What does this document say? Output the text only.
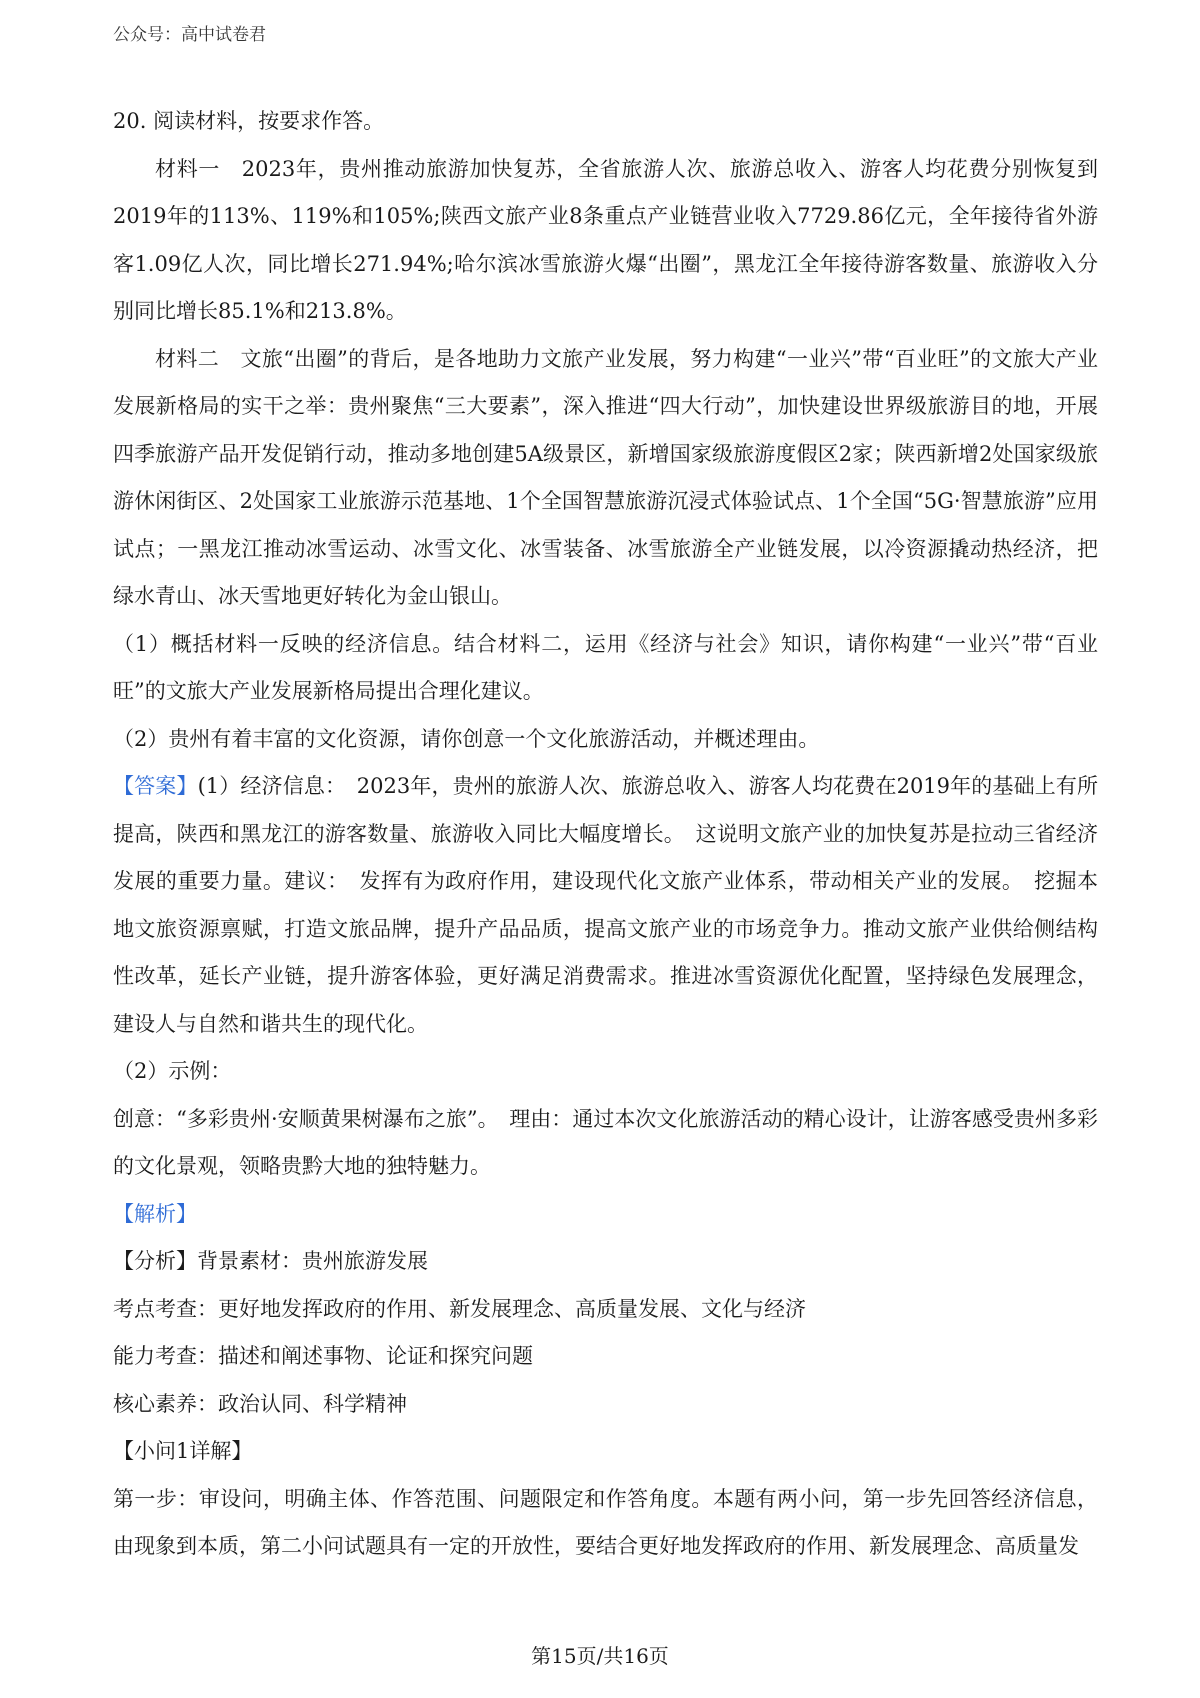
公众号：高中试卷君

20. 阅读材料，按要求作答。

材料一　2023年，贵州推动旅游加快复苏，全省旅游人次、旅游总收入、游客人均花费分别恢复到2019年的113%、119%和105%;陕西文旅产业8条重点产业链营业收入7729.86亿元，全年接待省外游客1.09亿人次，同比增长271.94%;哈尔滨冰雪旅游火爆“出圈”，黑龙江全年接待游客数量、旅游收入分别同比增长85.1%和213.8%。

材料二　文旅“出圈”的背后，是各地助力文旅产业发展，努力构建“一业兴”带“百业旺”的文旅大产业发展新格局的实干之举：贵州聚焦“三大要素”，深入推进“四大行动”，加快建设世界级旅游目的地，开展四季旅游产品开发促销行动，推动多地创建5A级景区，新增国家级旅游度假区2家；陕西新增2处国家级旅游休闲街区、2处国家工业旅游示范基地、1个全国智慧旅游沉浸式体验试点、1个全国“5G·智慧旅游”应用试点；一黑龙江推动冰雪运动、冰雪文化、冰雪装备、冰雪旅游全产业链发展，以冷资源撬动热经济，把绿水青山、冰天雪地更好转化为金山银山。

（1）概括材料一反映的经济信息。结合材料二，运用《经济与社会》知识，请你构建“一业兴”带“百业旺”的文旅大产业发展新格局提出合理化建议。

（2）贵州有着丰富的文化资源，请你创意一个文化旅游活动，并概述理由。

【答案】(1）经济信息：　2023年，贵州的旅游人次、旅游总收入、游客人均花费在2019年的基础上有所提高，陕西和黑龙江的游客数量、旅游收入同比大幅度增长。　这说明文旅产业的加快复苏是拉动三省经济发展的重要力量。建议：　发挥有为政府作用，建设现代化文旅产业体系，带动相关产业的发展。　挖掘本地文旅资源禀赋，打造文旅品牌，提升产品品质，提高文旅产业的市场竞争力。推动文旅产业供给侧结构性改革，延长产业链，提升游客体验，更好满足消费需求。推进冰雪资源优化配置，坚持绿色发展理念，建设人与自然和谐共生的现代化。

（2）示例：

创意：“多彩贵州·安顺黄果树瀑布之旅”。　理由：通过本次文化旅游活动的精心设计，让游客感受贵州多彩的文化景观，领略贵黔大地的独特魅力。

【解析】

【分析】背景素材：贵州旅游发展

考点考查：更好地发挥政府的作用、新发展理念、高质量发展、文化与经济

能力考查：描述和阐述事物、论证和探究问题

核心素养：政治认同、科学精神

【小问1详解】

第一步：审设问，明确主体、作答范围、问题限定和作答角度。本题有两小问，第一步先回答经济信息，由现象到本质，第二小问试题具有一定的开放性，要结合更好地发挥政府的作用、新发展理念、高质量发

第15页/共16页
